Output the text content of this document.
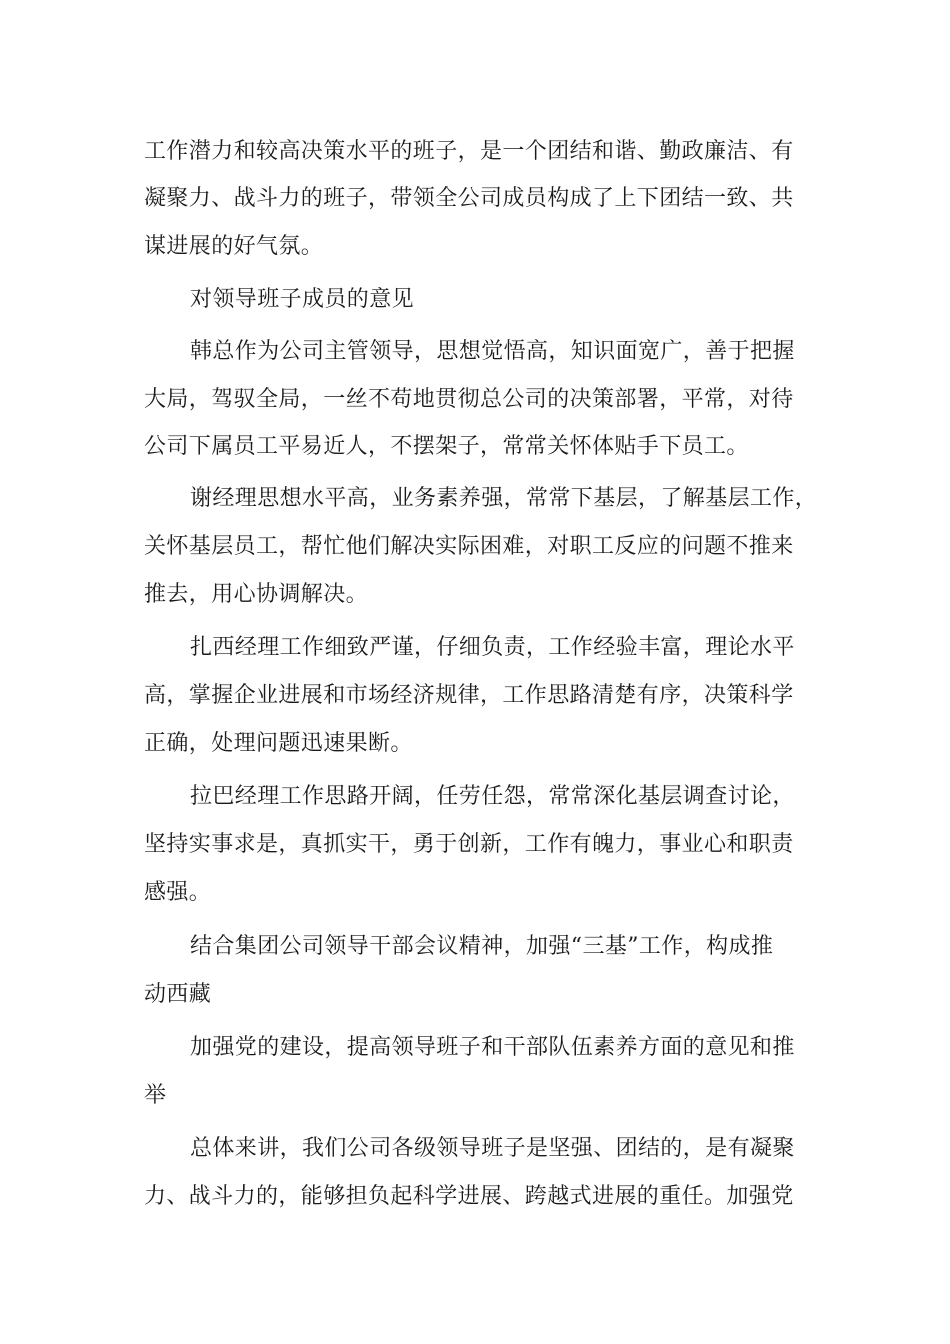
工作潜力和较高决策水平的班子，是一个团结和谐、勤政廉洁、有
凝聚力、战斗力的班子，带领全公司成员构成了上下团结一致、共
谋进展的好气氛。
对领导班子成员的意见
韩总作为公司主管领导，思想觉悟高，知识面宽广，善于把握
大局，驾驭全局，一丝不苟地贯彻总公司的决策部署，平常，对待
公司下属员工平易近人，不摆架子，常常关怀体贴手下员工。
谢经理思想水平高，业务素养强，常常下基层，了解基层工作，
关怀基层员工，帮忙他们解决实际困难，对职工反应的问题不推来
推去，用心协调解决。
扎西经理工作细致严谨，仔细负责，工作经验丰富，理论水平
高，掌握企业进展和市场经济规律，工作思路清楚有序，决策科学
正确，处理问题迅速果断。
拉巴经理工作思路开阔，任劳任怨，常常深化基层调查讨论，
坚持实事求是，真抓实干，勇于创新，工作有魄力，事业心和职责
感强。
结合集团公司领导干部会议精神，加强“三基”工作，构成推
动西藏
加强党的建设，提高领导班子和干部队伍素养方面的意见和推
举
总体来讲，我们公司各级领导班子是坚强、团结的，是有凝聚
力、战斗力的，能够担负起科学进展、跨越式进展的重任。加强党
